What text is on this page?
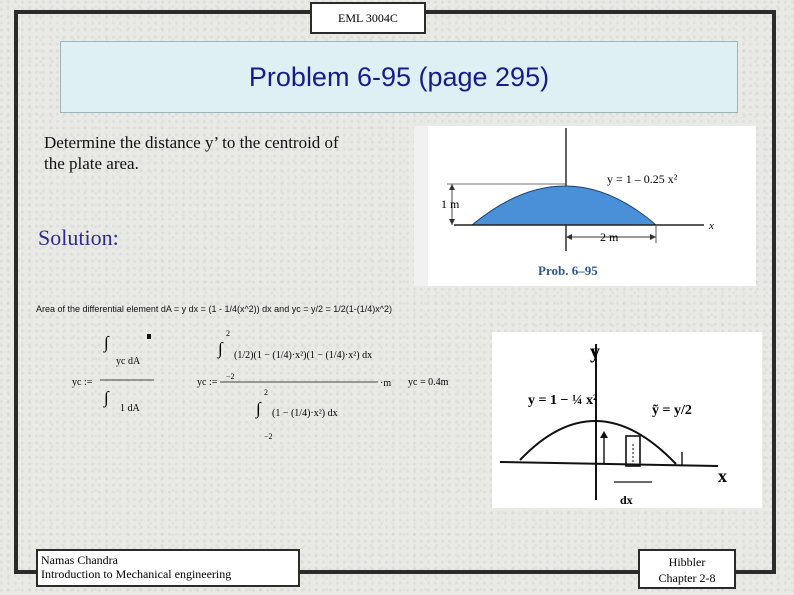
EML 3004C
Problem 6-95 (page 295)
Determine the distance y’ to the centroid of
the plate area.
Solution:	x
y = 1 – 0.25 x²
1 m
2 m
Prob. 6–95
Area of the differential element dA = y dx = (1 - 1/4(x^2)) dx and yc = y/2 = 1/2(1-(1/4)x^2)
yc :=
∫
yc dA
∫
1 dA
yc :=
2
∫
−2
(1/2)(1 − (1/4)·x²)(1 − (1/4)·x²) dx
2
∫
−2
(1 − (1/4)·x²) dx
·m yc = 0.4m
y
x
y = 1 − ¼ x²
ỹ = y/2
dx
Namas Chandra
Introduction to Mechanical engineering
Hibbler
Chapter 2-8
